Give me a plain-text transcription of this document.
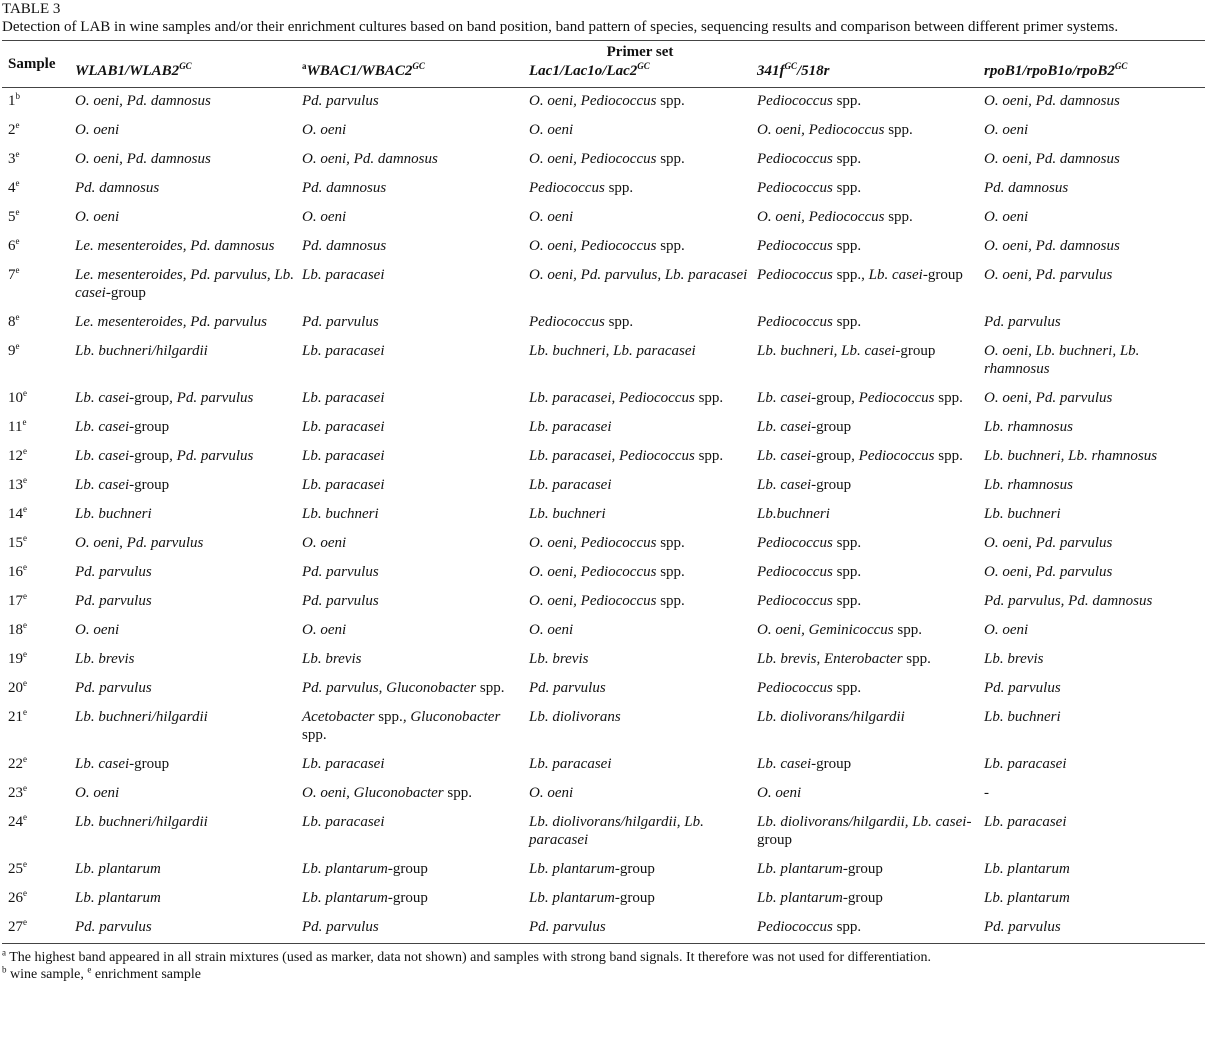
TABLE 3
Detection of LAB in wine samples and/or their enrichment cultures based on band position, band pattern of species, sequencing results and comparison between different primer systems.
Sample	Primer set				
	$WLAB1/WLAB2^{GC}$	$^aWBAC1/WBAC2^{GC}$	$Lac1/Lac1o/Lac2^{GC}$	$341f^{GC}/518r$	$rpoB1/rpoB1o/rpoB2^{GC}$
1$^b$	O. oeni, Pd. damnosus	Pd. parvulus	O. oeni, Pediococcus spp.	Pediococcus spp.	O. oeni, Pd. damnosus
2e	O. oeni	O. oeni	O. oeni	O. oeni, Pediococcus spp.	O. oeni
3e	O. oeni, Pd. damnosus	O. oeni, Pd. damnosus	O. oeni, Pediococcus spp.	Pediococcus spp.	O. oeni, Pd. damnosus
4e	Pd. damnosus	Pd. damnosus	Pediococcus spp.	Pediococcus spp.	Pd. damnosus
5e	O. oeni	O. oeni	O. oeni	O. oeni, Pediococcus spp.	O. oeni
6e	Le. mesenteroides, Pd. damnosus	Pd. damnosus	O. oeni, Pediococcus spp.	Pediococcus spp.	O. oeni, Pd. damnosus
7e	Le. mesenteroides, Pd. parvulus, Lb. casei-group	Lb. paracasei	O. oeni, Pd. parvulus, Lb. paracasei	Pediococcus spp., Lb. casei-group	O. oeni, Pd. parvulus
8e	Le. mesenteroides, Pd. parvulus	Pd. parvulus	Pediococcus spp.	Pediococcus spp.	Pd. parvulus
9e	Lb. buchneri/hilgardii	Lb. paracasei	Lb. buchneri, Lb. paracasei	Lb. buchneri, Lb. casei-group	O. oeni, Lb. buchneri, Lb. rhamnosus
10e	Lb. casei-group, Pd. parvulus	Lb. paracasei	Lb. paracasei, Pediococcus spp.	Lb. casei-group, Pediococcus spp.	O. oeni, Pd. parvulus
11e	Lb. casei-group	Lb. paracasei	Lb. paracasei	Lb. casei-group	Lb. rhamnosus
12e	Lb. casei-group, Pd. parvulus	Lb. paracasei	Lb. paracasei, Pediococcus spp.	Lb. casei-group, Pediococcus spp.	Lb. buchneri, Lb. rhamnosus
13e	Lb. casei-group	Lb. paracasei	Lb. paracasei	Lb. casei-group	Lb. rhamnosus
14e	Lb. buchneri	Lb. buchneri	Lb. buchneri	Lb.buchneri	Lb. buchneri
15e	O. oeni, Pd. parvulus	O. oeni	O. oeni, Pediococcus spp.	Pediococcus spp.	O. oeni, Pd. parvulus
16e	Pd. parvulus	Pd. parvulus	O. oeni, Pediococcus spp.	Pediococcus spp.	O. oeni, Pd. parvulus
17e	Pd. parvulus	Pd. parvulus	O. oeni, Pediococcus spp.	Pediococcus spp.	Pd. parvulus, Pd. damnosus
18e	O. oeni	O. oeni	O. oeni	O. oeni, Geminicoccus spp.	O. oeni
19e	Lb. brevis	Lb. brevis	Lb. brevis	Lb. brevis, Enterobacter spp.	Lb. brevis
20e	Pd. parvulus	Pd. parvulus, Gluconobacter spp.	Pd. parvulus	Pediococcus spp.	Pd. parvulus
21e	Lb. buchneri/hilgardii	Acetobacter spp., Gluconobacter spp.	Lb. diolivorans	Lb. diolivorans/hilgardii	Lb. buchneri
22e	Lb. casei-group	Lb. paracasei	Lb. paracasei	Lb. casei-group	Lb. paracasei
23e	O. oeni	O. oeni, Gluconobacter spp.	O. oeni	O. oeni	-
24e	Lb. buchneri/hilgardii	Lb. paracasei	Lb. diolivorans/hilgardii, Lb. paracasei	Lb. diolivorans/hilgardii, Lb. casei-group	Lb. paracasei
25e	Lb. plantarum	Lb. plantarum-group	Lb. plantarum-group	Lb. plantarum-group	Lb. plantarum
26e	Lb. plantarum	Lb. plantarum-group	Lb. plantarum-group	Lb. plantarum-group	Lb. plantarum
27e	Pd. parvulus	Pd. parvulus	Pd. parvulus	Pediococcus spp.	Pd. parvulus
$^a$ The highest band appeared in all strain mixtures (used as marker, data not shown) and samples with strong band signals. It therefore was not used for differentiation.
$^b$ wine sample, $^e$ enrichment sample
